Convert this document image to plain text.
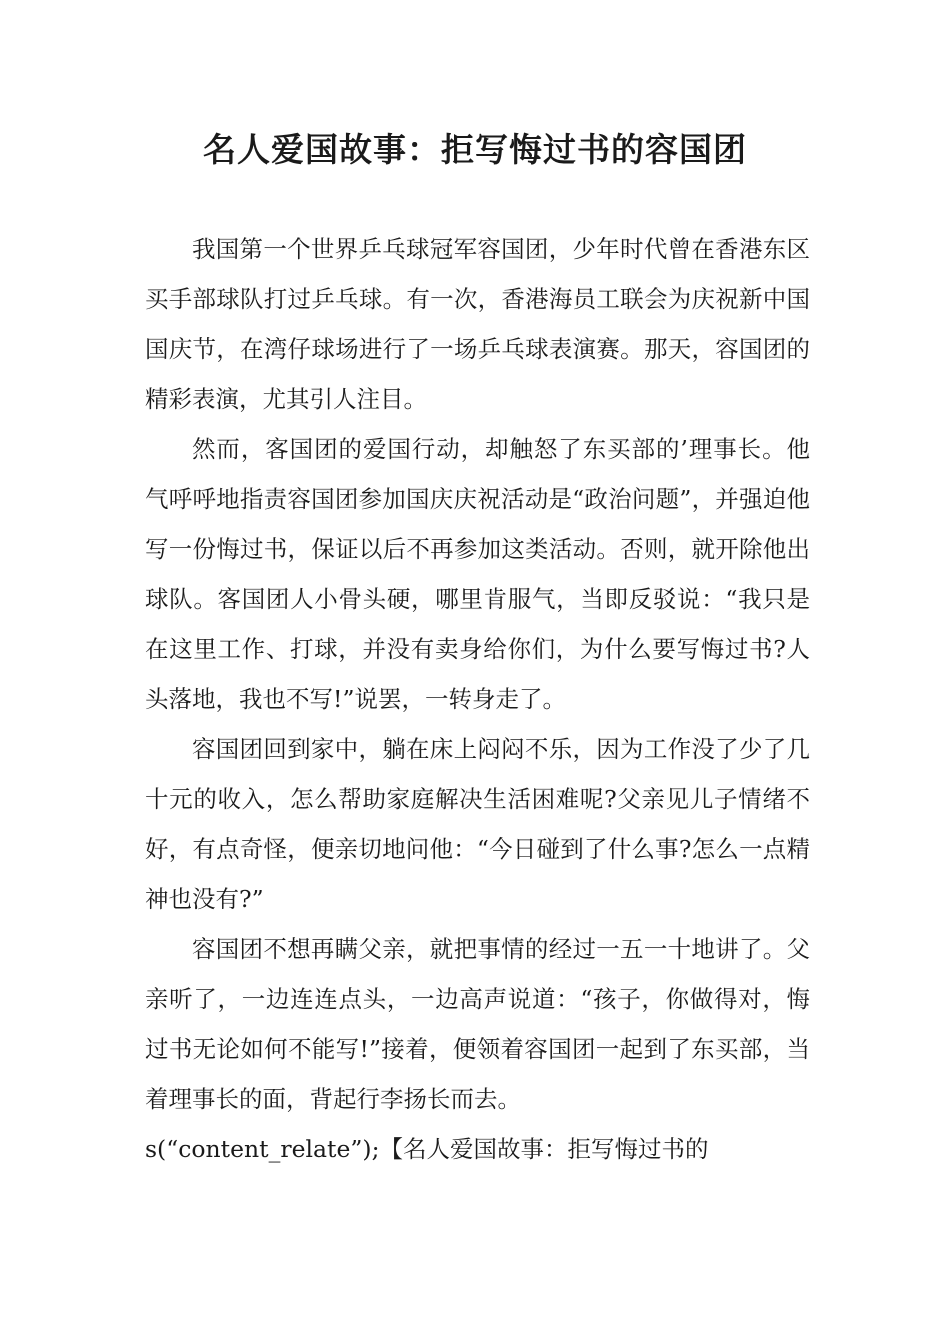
名人爱国故事：拒写悔过书的容国团

我国第一个世界乒乓球冠军容国团，少年时代曾在香港东区买手部球队打过乒乓球。有一次，香港海员工联会为庆祝新中国国庆节，在湾仔球场进行了一场乒乓球表演赛。那天，容国团的精彩表演，尤其引人注目。

然而，客国团的爱国行动，却触怒了东买部的’理事长。他气呼呼地指责容国团参加国庆庆祝活动是“政治问题”，并强迫他写一份悔过书，保证以后不再参加这类活动。否则，就开除他出球队。客国团人小骨头硬，哪里肯服气，当即反驳说：“我只是在这里工作、打球，并没有卖身给你们，为什么要写悔过书?人头落地，我也不写!”说罢，一转身走了。

容国团回到家中，躺在床上闷闷不乐，因为工作没了少了几十元的收入，怎么帮助家庭解决生活困难呢?父亲见儿子情绪不好，有点奇怪，便亲切地问他：“今日碰到了什么事?怎么一点精神也没有?”

容国团不想再瞒父亲，就把事情的经过一五一十地讲了。父亲听了，一边连连点头，一边高声说道：“孩子，你做得对，悔过书无论如何不能写!”接着，便领着容国团一起到了东买部，当着理事长的面，背起行李扬长而去。

s(“content_relate”);【名人爱国故事：拒写悔过书的
